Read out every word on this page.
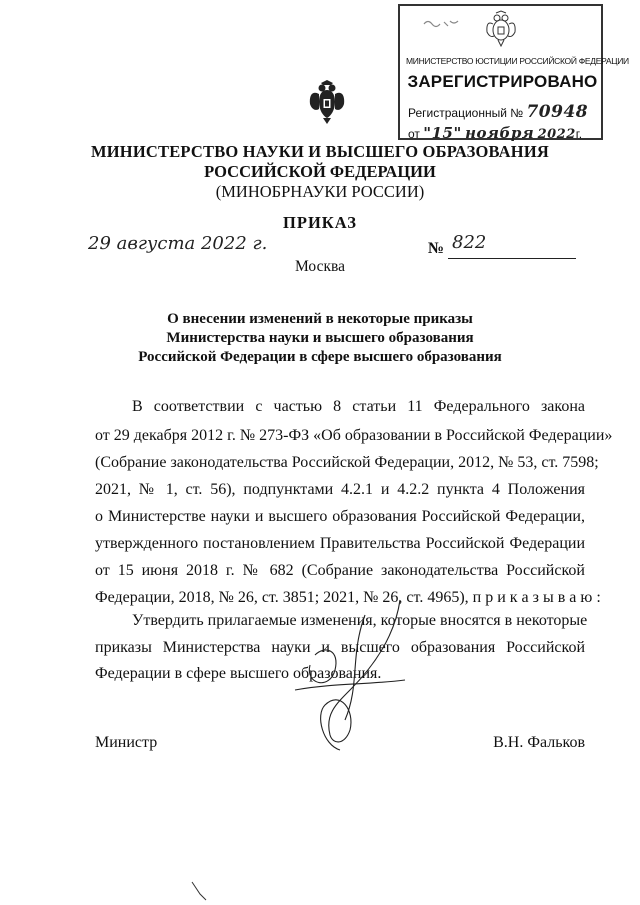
МИНИСТЕРСТВО ЮСТИЦИИ РОССИЙСКОЙ ФЕДЕРАЦИИ
ЗАРЕГИСТРИРОВАНО
Регистрационный № 70948
от "15" ноября 2022г.
МИНИСТЕРСТВО НАУКИ И ВЫСШЕГО ОБРАЗОВАНИЯ
РОССИЙСКОЙ ФЕДЕРАЦИИ
(МИНОБРНАУКИ РОССИИ)
ПРИКАЗ
29 августа 2022 г.	№ 822
Москва
О внесении изменений в некоторые приказы
Министерства науки и высшего образования
Российской Федерации в сфере высшего образования
В соответствии с частью 8 статьи 11 Федерального закона
от 29 декабря 2012 г. № 273-ФЗ «Об образовании в Российской Федерации»
(Собрание законодательства Российской Федерации, 2012, № 53, ст. 7598;
2021, № 1, ст. 56), подпунктами 4.2.1 и 4.2.2 пункта 4 Положения
о Министерстве науки и высшего образования Российской Федерации,
утвержденного постановлением Правительства Российской Федерации
от 15 июня 2018 г. № 682 (Собрание законодательства Российской
Федерации, 2018, № 26, ст. 3851; 2021, № 26, ст. 4965), п р и к а з ы в а ю :
Утвердить прилагаемые изменения, которые вносятся в некоторые
приказы Министерства науки и высшего образования Российской
Федерации в сфере высшего образования.
Министр	В.Н. Фальков
